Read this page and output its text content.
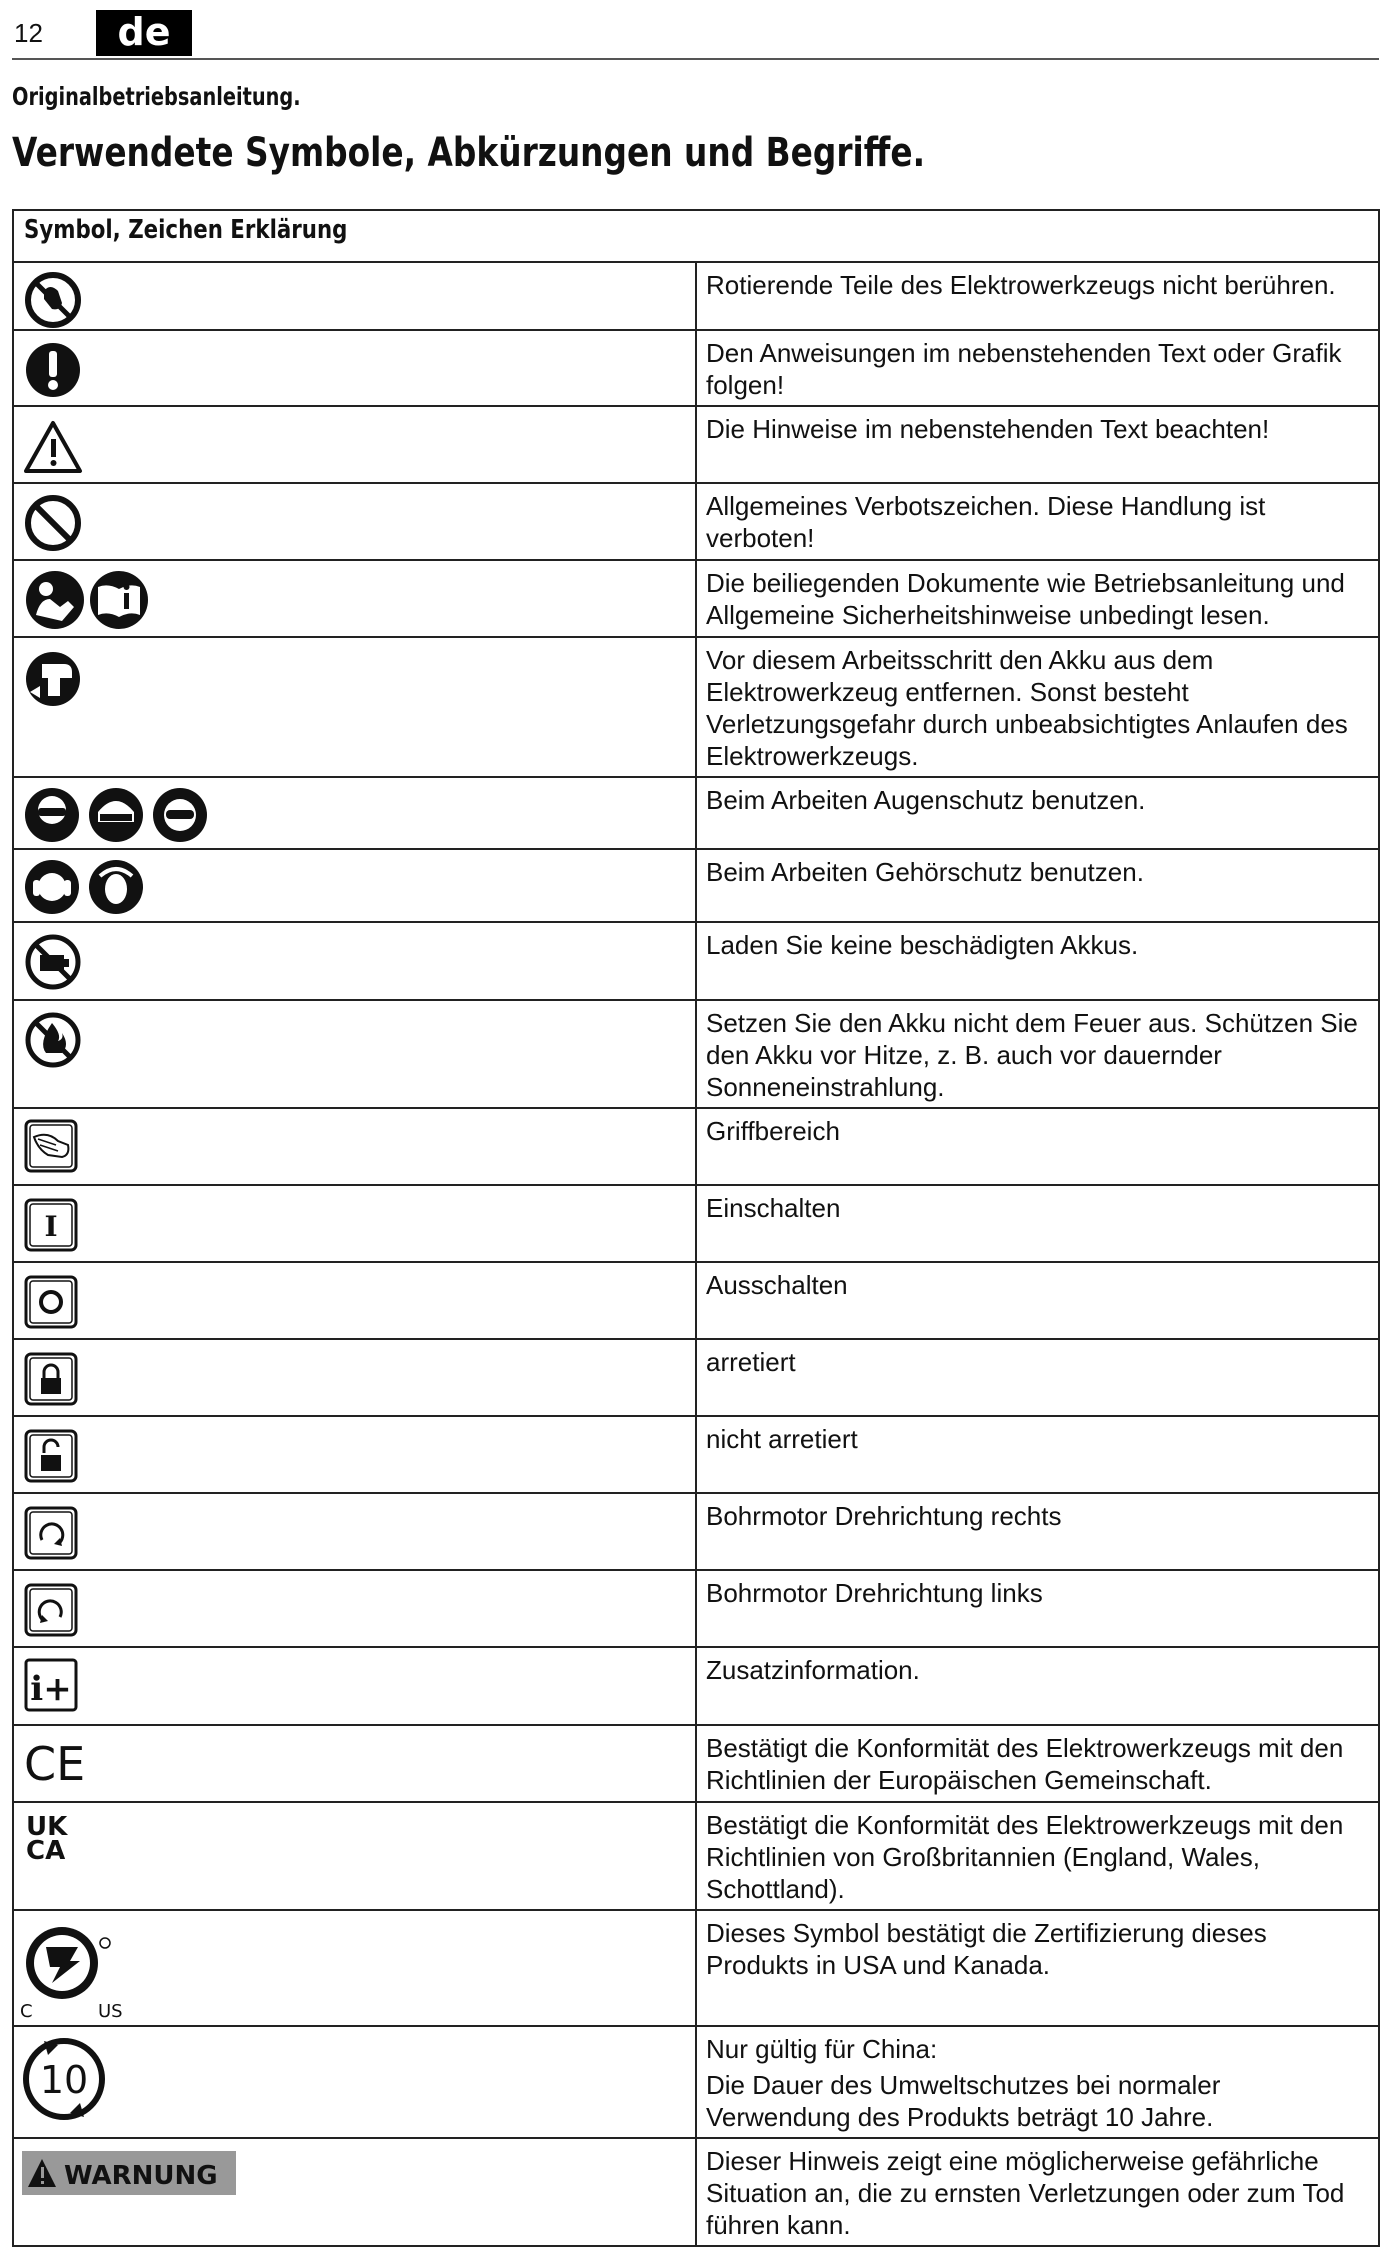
12	de
Originalbetriebsanleitung.
Verwendete Symbole, Abkürzungen und Begriffe.
Symbol, Zeichen Erklärung	

	Rotierende Teile des Elektrowerkzeugs nicht berühren.

	Den Anweisungen im nebenstehenden Text oder Grafik folgen!

	Die Hinweise im nebenstehenden Text beachten!

	Allgemeines Verbotszeichen. Diese Handlung ist verboten!

	Die beiliegenden Dokumente wie Betriebsanleitung und Allgemeine Sicherheitshinweise unbedingt lesen.

	Vor diesem Arbeitsschritt den Akku aus dem Elektrowerkzeug entfernen. Sonst besteht Verletzungsgefahr durch unbeabsichtigtes Anlaufen des Elektrowerkzeugs.

	Beim Arbeiten Augenschutz benutzen.

	Beim Arbeiten Gehörschutz benutzen.

	Laden Sie keine beschädigten Akkus.

	Setzen Sie den Akku nicht dem Feuer aus. Schützen Sie den Akku vor Hitze, z. B. auch vor dauernder Sonneneinstrahlung.

	Griffbereich

I	Einschalten

	Ausschalten

	arretiert

	nicht arretiert

	Bohrmotor Drehrichtung rechts

	Bohrmotor Drehrichtung links

i+	Zusatzinformation.

CE	Bestätigt die Konformität des Elektrowerkzeugs mit den Richtlinien der Europäischen Gemeinschaft.

UK
CA	Bestätigt die Konformität des Elektrowerkzeugs mit den Richtlinien von Großbritannien (England, Wales, Schottland).

C US	Dieses Symbol bestätigt die Zertifizierung dieses Produkts in USA und Kanada.

10	Nur gültig für China:
Die Dauer des Umweltschutzes bei normaler Verwendung des Produkts beträgt 10 Jahre.

WARNUNG	Dieser Hinweis zeigt eine möglicherweise gefährliche Situation an, die zu ernsten Verletzungen oder zum Tod führen kann.
